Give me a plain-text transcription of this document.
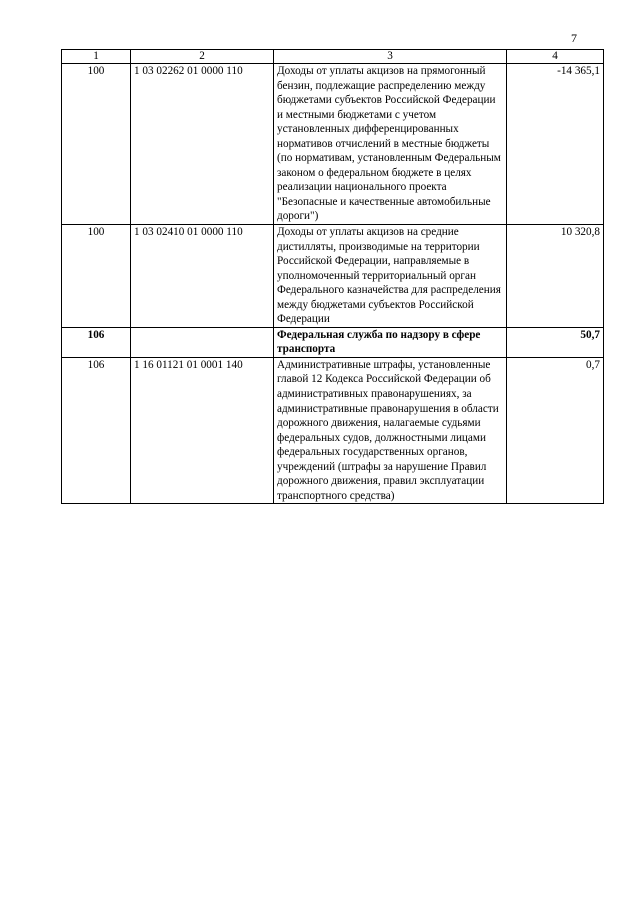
7
1	2	3	4
100	1 03 02262 01 0000 110	Доходы от уплаты акцизов на прямогонный бензин, подлежащие распределению между бюджетами субъектов Российской Федерации и местными бюджетами с учетом установленных дифференцированных нормативов отчислений в местные бюджеты (по нормативам, установленным Федеральным законом о федеральном бюджете в целях реализации национального проекта "Безопасные и качественные автомобильные дороги")	-14 365,1
100	1 03 02410 01 0000 110	Доходы от уплаты акцизов на средние дистилляты, производимые на территории Российской Федерации, направляемые в уполномоченный территориальный орган Федерального казначейства для распределения между бюджетами субъектов Российской Федерации	10 320,8
106		Федеральная служба по надзору в сфере транспорта	50,7
106	1 16 01121 01 0001 140	Административные штрафы, установленные главой 12 Кодекса Российской Федерации об административных правонарушениях, за административные правонарушения в области дорожного движения, налагаемые судьями федеральных судов, должностными лицами федеральных государственных органов, учреждений (штрафы за нарушение Правил дорожного движения, правил эксплуатации транспортного средства)	0,7
